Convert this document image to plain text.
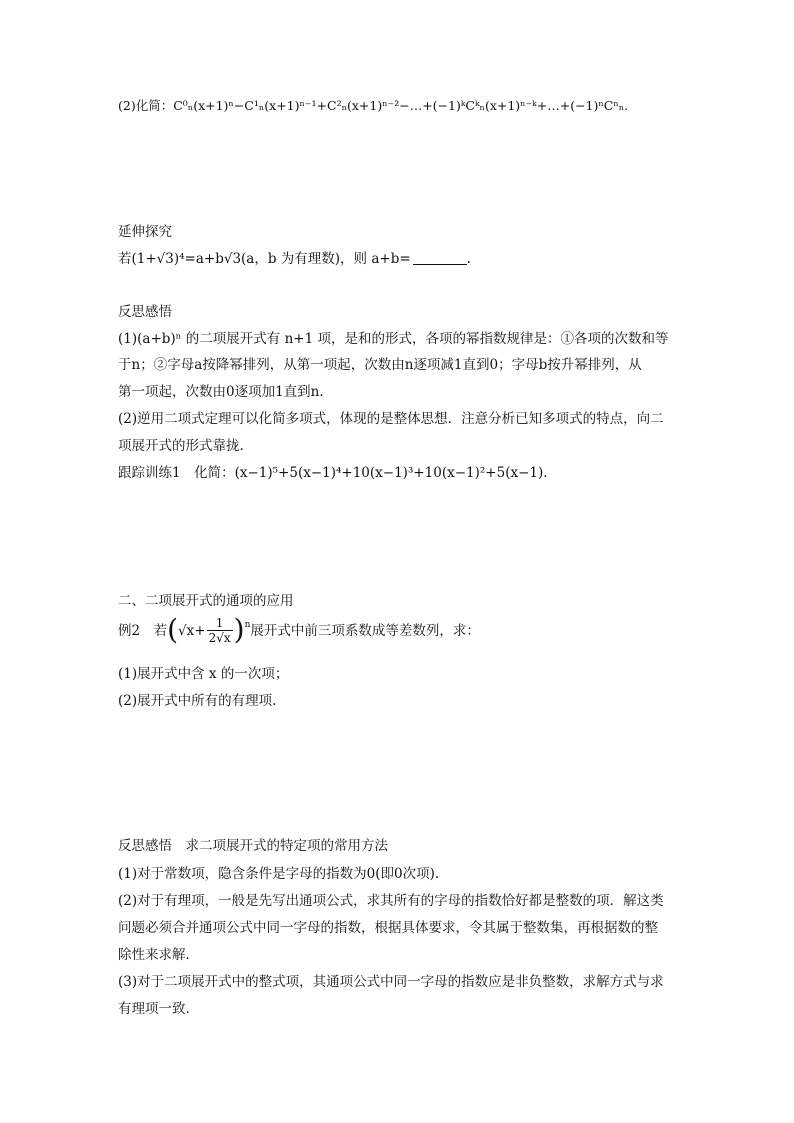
(2)化简：C⁰ₙ(x+1)ⁿ−C¹ₙ(x+1)ⁿ⁻¹+C²ₙ(x+1)ⁿ⁻²−…+(−1)ᵏCᵏₙ(x+1)ⁿ⁻ᵏ+…+(−1)ⁿCⁿₙ.
延伸探究
若(1+√3)⁴=a+b√3(a，b 为有理数)，则 a+b=	.
反思感悟
(1)(a+b)ⁿ 的二项展开式有 n+1 项，是和的形式，各项的幂指数规律是：①各项的次数和等
于n；②字母a按降幂排列，从第一项起，次数由n逐项减1直到0；字母b按升幂排列，从
第一项起，次数由0逐项加1直到n.
(2)逆用二项式定理可以化简多项式，体现的是整体思想．注意分析已知多项式的特点，向二
项展开式的形式靠拢.
跟踪训练1　化简：(x−1)⁵+5(x−1)⁴+10(x−1)³+10(x−1)²+5(x−1).
二、二项展开式的通项的应用
例2　若$(√x+ \frac{1}{2√x} )^n$展开式中前三项系数成等差数列，求：
(1)展开式中含 x 的一次项；
(2)展开式中所有的有理项.
反思感悟　求二项展开式的特定项的常用方法
(1)对于常数项，隐含条件是字母的指数为0(即0次项).
(2)对于有理项，一般是先写出通项公式，求其所有的字母的指数恰好都是整数的项．解这类
问题必须合并通项公式中同一字母的指数，根据具体要求，令其属于整数集，再根据数的整
除性来求解.
(3)对于二项展开式中的整式项，其通项公式中同一字母的指数应是非负整数，求解方式与求
有理项一致.
